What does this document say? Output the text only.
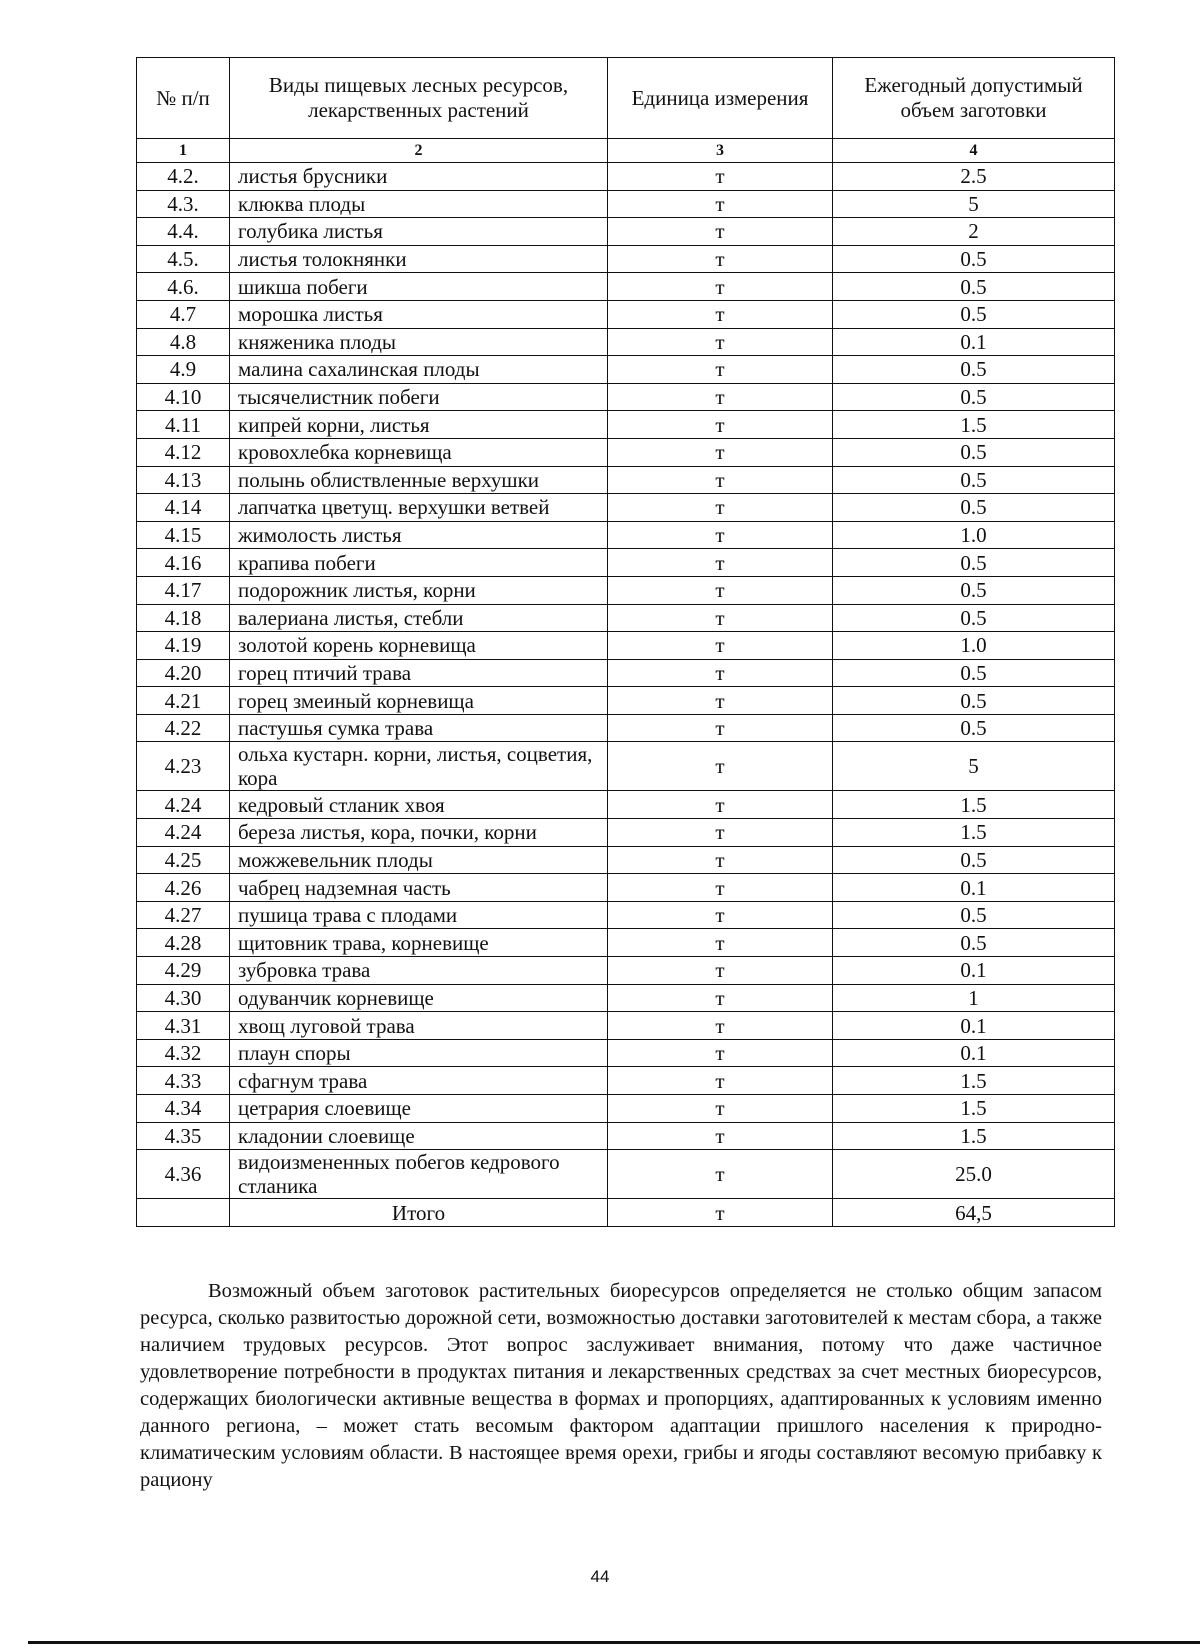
№ п/п	Виды пищевых лесных ресурсов, лекарственных растений	Единица измерения	Ежегодный допустимый объем заготовки
1	2	3	4
4.2.	листья брусники	т	2.5
4.3.	клюква плоды	т	5
4.4.	голубика листья	т	2
4.5.	листья толокнянки	т	0.5
4.6.	шикша побеги	т	0.5
4.7	морошка листья	т	0.5
4.8	княженика плоды	т	0.1
4.9	малина сахалинская плоды	т	0.5
4.10	тысячелистник побеги	т	0.5
4.11	кипрей корни, листья	т	1.5
4.12	кровохлебка корневища	т	0.5
4.13	полынь облиствленные верхушки	т	0.5
4.14	лапчатка цветущ. верхушки ветвей	т	0.5
4.15	жимолость листья	т	1.0
4.16	крапива побеги	т	0.5
4.17	подорожник листья, корни	т	0.5
4.18	валериана листья, стебли	т	0.5
4.19	золотой корень корневища	т	1.0
4.20	горец птичий трава	т	0.5
4.21	горец змеиный корневища	т	0.5
4.22	пастушья сумка трава	т	0.5
4.23	ольха кустарн. корни, листья, соцветия, кора	т	5
4.24	кедровый стланик хвоя	т	1.5
4.24	береза листья, кора, почки, корни	т	1.5
4.25	можжевельник плоды	т	0.5
4.26	чабрец надземная часть	т	0.1
4.27	пушица трава с плодами	т	0.5
4.28	щитовник трава, корневище	т	0.5
4.29	зубровка трава	т	0.1
4.30	одуванчик корневище	т	1
4.31	хвощ луговой трава	т	0.1
4.32	плаун споры	т	0.1
4.33	сфагнум трава	т	1.5
4.34	цетрария слоевище	т	1.5
4.35	кладонии слоевище	т	1.5
4.36	видоизмененных побегов кедрового стланика	т	25.0
	Итого	т	64,5

Возможный объем заготовок растительных биоресурсов определяется не столько общим запасом ресурса, сколько развитостью дорожной сети, возможностью доставки заготовителей к местам сбора, а также наличием трудовых ресурсов. Этот вопрос заслуживает внимания, потому что даже частичное удовлетворение потребности в продуктах питания и лекарственных средствах за счет местных биоресурсов, содержащих биологически активные вещества в формах и пропорциях, адаптированных к условиям именно данного региона, – может стать весомым фактором адаптации пришлого населения к природно-климатическим условиям области. В настоящее время орехи, грибы и ягоды составляют весомую прибавку к рациону

44
